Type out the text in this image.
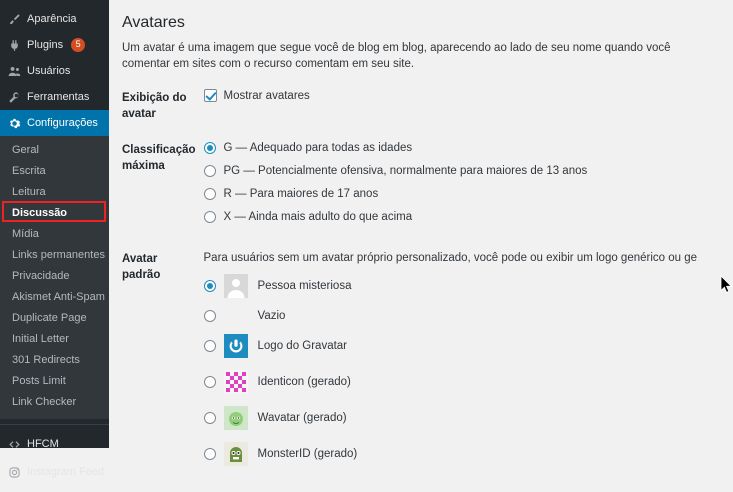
Aparência
Plugins	5
Usuários
Ferramentas
Configurações
Geral
Escrita
Leitura
Discussão
Mídia
Links permanentes
Privacidade
Akismet Anti-Spam
Duplicate Page
Initial Letter
301 Redirects
Posts Limit
Link Checker
HFCM
Instagram Feed
Avatares

Um avatar é uma imagem que segue você de blog em blog, aparecendo ao lado de seu nome quando você comentar em sites com o recurso comentam em seu site.

Exibição do avatar	Mostrar avatares

Classificação máxima	G — Adequado para todas as idades
PG — Potencialmente ofensiva, normalmente para maiores de 13 anos
R — Para maiores de 17 anos
X — Ainda mais adulto do que acima

Avatar padrão	
Para usuários sem um avatar próprio personalizado, você pode ou exibir um logo genérico ou ge
Pessoa misteriosa
Vazio
Logo do Gravatar
Identicon (gerado)
Wavatar (gerado)
MonsterID (gerado)
